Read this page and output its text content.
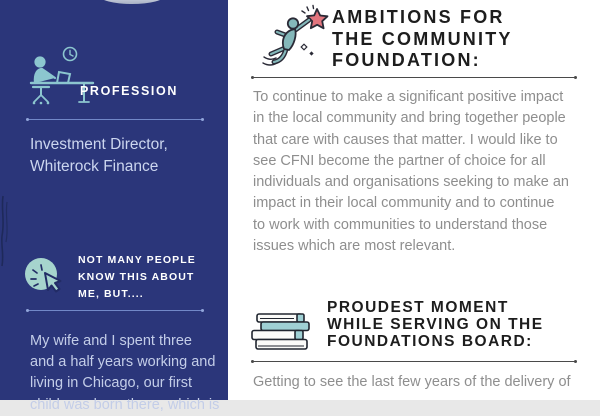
PROFESSION
Investment Director,
Whiterock Finance
NOT MANY PEOPLE
KNOW THIS ABOUT
ME, BUT....
My wife and I spent three
and a half years working and
living in Chicago, our first
child was born there, which is
AMBITIONS FOR
THE COMMUNITY
FOUNDATION:
To continue to make a significant positive impact
in the local community and bring together people
that care with causes that matter. I would like to
see CFNI become the partner of choice for all
individuals and organisations seeking to make an
impact in their local community and to continue
to work with communities to understand those
issues which are most relevant.
PROUDEST MOMENT
WHILE SERVING ON THE
FOUNDATIONS BOARD:
Getting to see the last few years of the delivery of
